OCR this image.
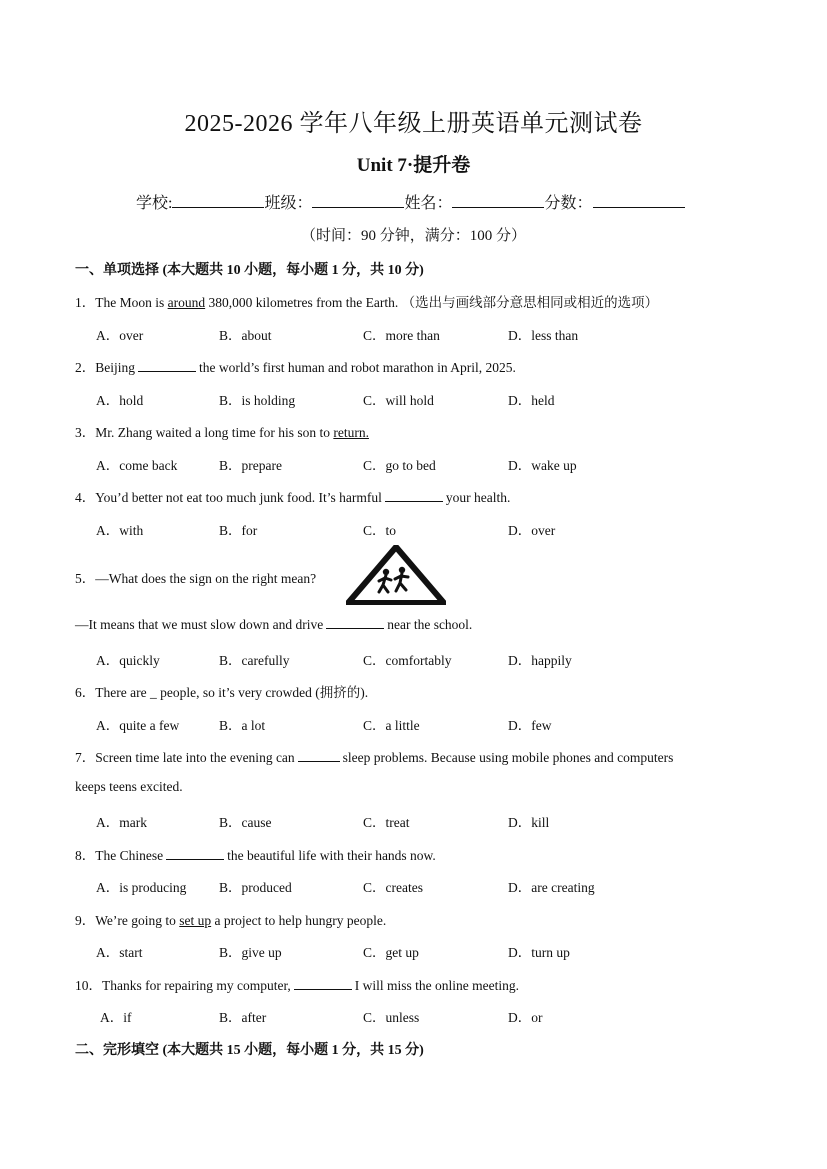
2025-2026 学年八年级上册英语单元测试卷
Unit 7·提升卷
学校:	班级：	姓名：	分数：
（时间：90 分钟，满分：100 分）
一、单项选择 (本大题共 10 小题，每小题 1 分，共 10 分)
1．The Moon is around 380,000 kilometres from the Earth. （选出与画线部分意思相同或相近的选项）
A．over	B．about	C．more than	D．less than
2．Beijing	the world’s first human and robot marathon in April, 2025.
A．hold	B．is holding	C．will hold	D．held
3．Mr. Zhang waited a long time for his son to return.
A．come back	B．prepare	C．go to bed	D．wake up
4．You’d better not eat too much junk food. It’s harmful	your health.
A．with	B．for	C．to	D．over
5．—What does the sign on the right mean?
—It means that we must slow down and drive	near the school.
A．quickly	B．carefully	C．comfortably	D．happily
6．There are _ people, so it’s very crowded (拥挤的).
A．quite a few	B．a lot	C．a little	D．few
7．Screen time late into the evening can	sleep problems. Because using mobile phones and computers
keeps teens excited.
A．mark	B．cause	C．treat	D．kill
8．The Chinese	the beautiful life with their hands now.
A．is producing B．produced	C．creates	D．are creating
9．We’re going to set up a project to help hungry people.
A．start	B．give up	C．get up	D．turn up
10．Thanks for repairing my computer,	I will miss the online meeting.
A．if	B．after	C．unless	D．or
二、完形填空 (本大题共 15 小题，每小题 1 分，共 15 分)
